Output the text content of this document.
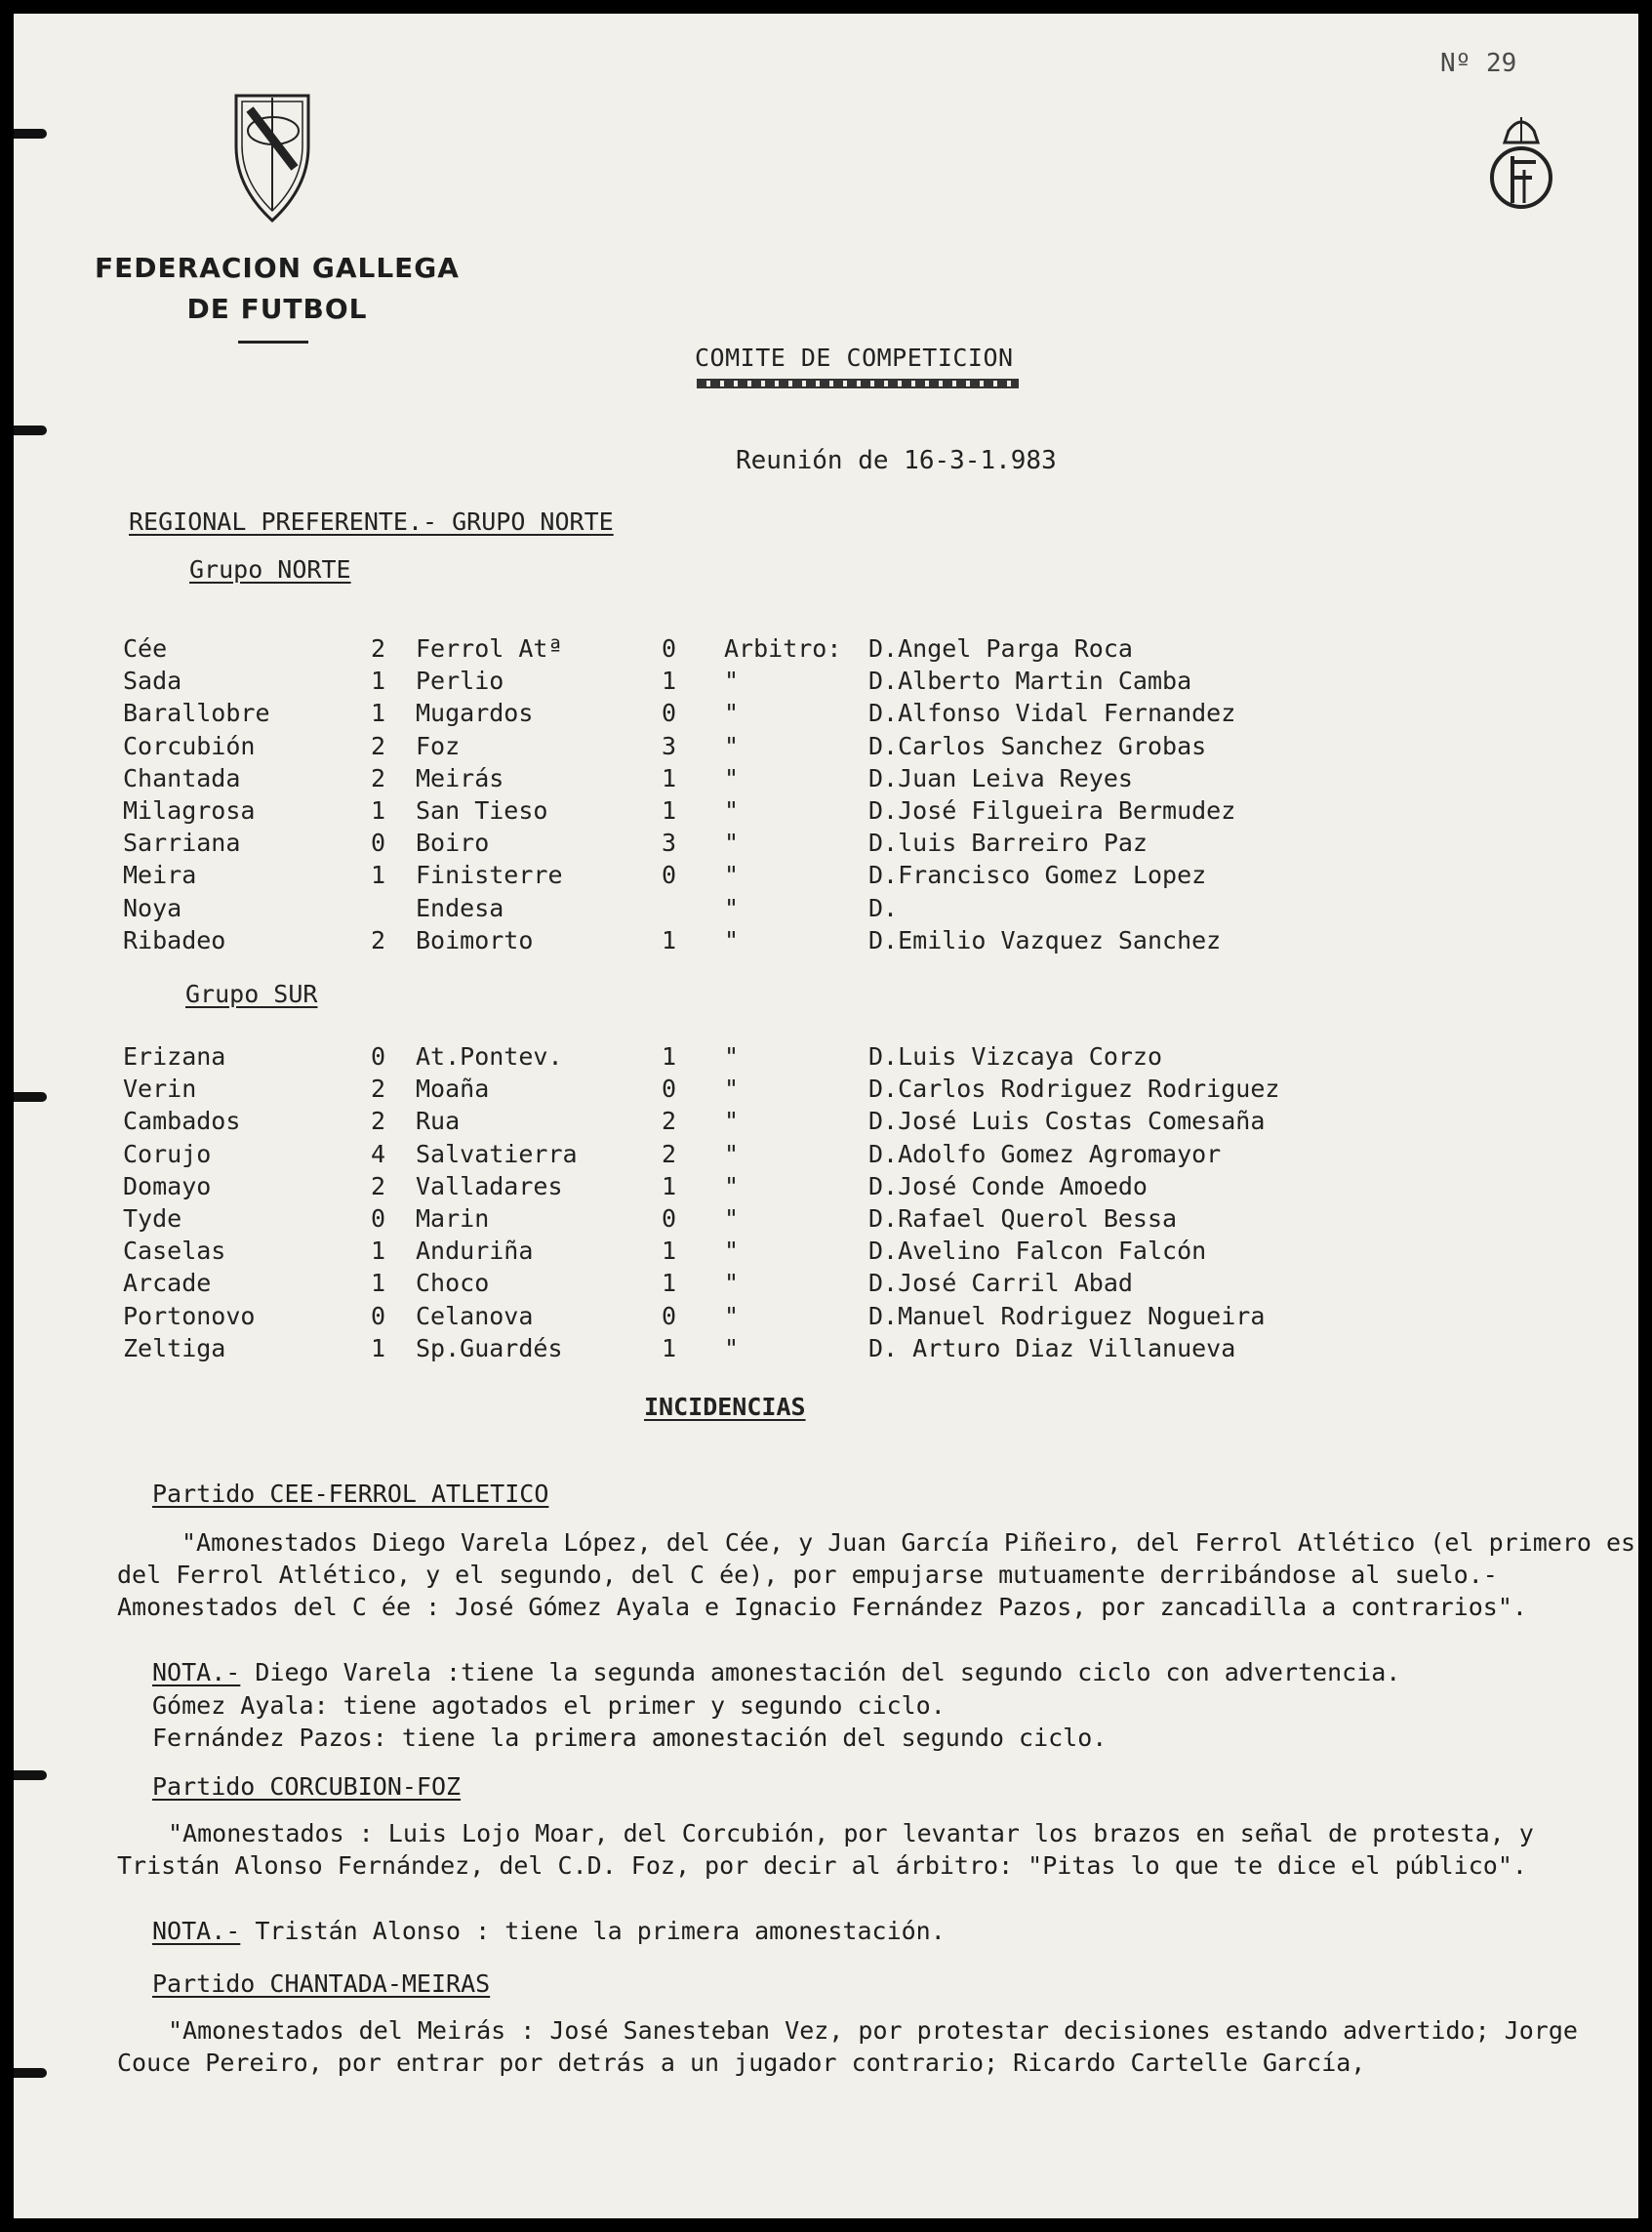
Nº 29
FEDERACION GALLEGA
DE FUTBOL
COMITE DE COMPETICION
Reunión de 16-3-1.983
REGIONAL PREFERENTE.- GRUPO NORTE
Grupo NORTE
Cée	2 Ferrol Atª	0 Arbitro: D.Angel Parga Roca
Sada	1 Perlio	1 "	D.Alberto Martin Camba
Barallobre	1 Mugardos	0 "	D.Alfonso Vidal Fernandez
Corcubión	2 Foz	3 "	D.Carlos Sanchez Grobas
Chantada	2 Meirás	1 "	D.Juan Leiva Reyes
Milagrosa	1 San Tieso	1 "	D.José Filgueira Bermudez
Sarriana	0 Boiro	3 "	D.luis Barreiro Paz
Meira	1 Finisterre	0 "	D.Francisco Gomez Lopez
Noya	Endesa	"	D.
Ribadeo	2 Boimorto	1 "	D.Emilio Vazquez Sanchez
Grupo SUR
Erizana	0 At.Pontev.	1 "	D.Luis Vizcaya Corzo
Verin	2 Moaña	0 "	D.Carlos Rodriguez Rodriguez
Cambados	2 Rua	2 "	D.José Luis Costas Comesaña
Corujo	4 Salvatierra	2 "	D.Adolfo Gomez Agromayor
Domayo	2 Valladares	1 "	D.José Conde Amoedo
Tyde	0 Marin	0 "	D.Rafael Querol Bessa
Caselas	1 Anduriña	1 "	D.Avelino Falcon Falcón
Arcade	1 Choco	1 "	D.José Carril Abad
Portonovo	0 Celanova	0 "	D.Manuel Rodriguez Nogueira
Zeltiga	1 Sp.Guardés	1 "	D. Arturo Diaz Villanueva
INCIDENCIAS
Partido CEE-FERROL ATLETICO
"Amonestados Diego Varela López, del Cée, y Juan García Piñeiro, del Ferrol Atlético (el primero es del Ferrol Atlético, y el segundo, del C ée), por empujarse mutuamente derribándose al suelo.- Amonestados del C ée : José Gómez Ayala e Ignacio Fernández Pazos, por zancadilla a contrarios".
NOTA.- Diego Varela :tiene la segunda amonestación del segundo ciclo con advertencia.
Gómez Ayala: tiene agotados el primer y segundo ciclo.
Fernández Pazos: tiene la primera amonestación del segundo ciclo.
Partido CORCUBION-FOZ
"Amonestados : Luis Lojo Moar, del Corcubión, por levantar los brazos en señal de protesta, y Tristán Alonso Fernández, del C.D. Foz, por decir al árbitro: "Pitas lo que te dice el público".
NOTA.- Tristán Alonso : tiene la primera amonestación.
Partido CHANTADA-MEIRAS
"Amonestados del Meirás : José Sanesteban Vez, por protestar decisiones estando advertido; Jorge Couce Pereiro, por entrar por detrás a un jugador contrario; Ricardo Cartelle García,
